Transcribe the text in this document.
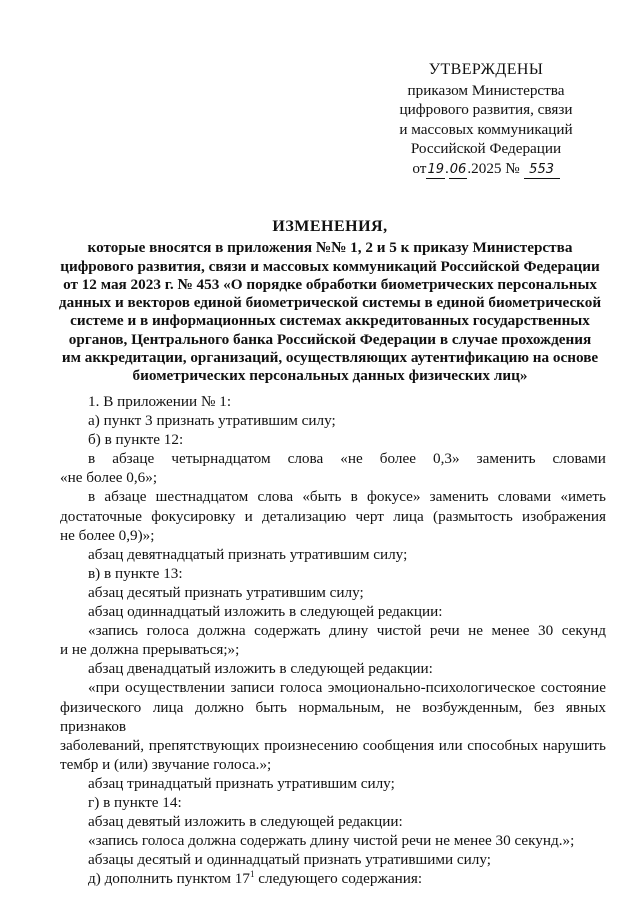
УТВЕРЖДЕНЫ
приказом Министерства
цифрового развития, связи
и массовых коммуникаций
Российской Федерации
от19.06.2025 № 553
ИЗМЕНЕНИЯ,
которые вносятся в приложения №№ 1, 2 и 5 к приказу Министерства
цифрового развития, связи и массовых коммуникаций Российской Федерации
от 12 мая 2023 г. № 453 «О порядке обработки биометрических персональных
данных и векторов единой биометрической системы в единой биометрической
системе и в информационных системах аккредитованных государственных
органов, Центрального банка Российской Федерации в случае прохождения
им аккредитации, организаций, осуществляющих аутентификацию на основе
биометрических персональных данных физических лиц»
1. В приложении № 1:
а) пункт 3 признать утратившим силу;
б) в пункте 12:
в абзаце четырнадцатом слова «не более 0,3» заменить словами
«не более 0,6»;
в абзаце шестнадцатом слова «быть в фокусе» заменить словами «иметь
достаточные фокусировку и детализацию черт лица (размытость изображения
не более 0,9)»;
абзац девятнадцатый признать утратившим силу;
в) в пункте 13:
абзац десятый признать утратившим силу;
абзац одиннадцатый изложить в следующей редакции:
«запись голоса должна содержать длину чистой речи не менее 30 секунд
и не должна прерываться;»;
абзац двенадцатый изложить в следующей редакции:
«при осуществлении записи голоса эмоционально-психологическое состояние
физического лица должно быть нормальным, не возбужденным, без явных признаков
заболеваний, препятствующих произнесению сообщения или способных нарушить
тембр и (или) звучание голоса.»;
абзац тринадцатый признать утратившим силу;
г) в пункте 14:
абзац девятый изложить в следующей редакции:
«запись голоса должна содержать длину чистой речи не менее 30 секунд.»;
абзацы десятый и одиннадцатый признать утратившими силу;
д) дополнить пунктом $17^1$ следующего содержания:
